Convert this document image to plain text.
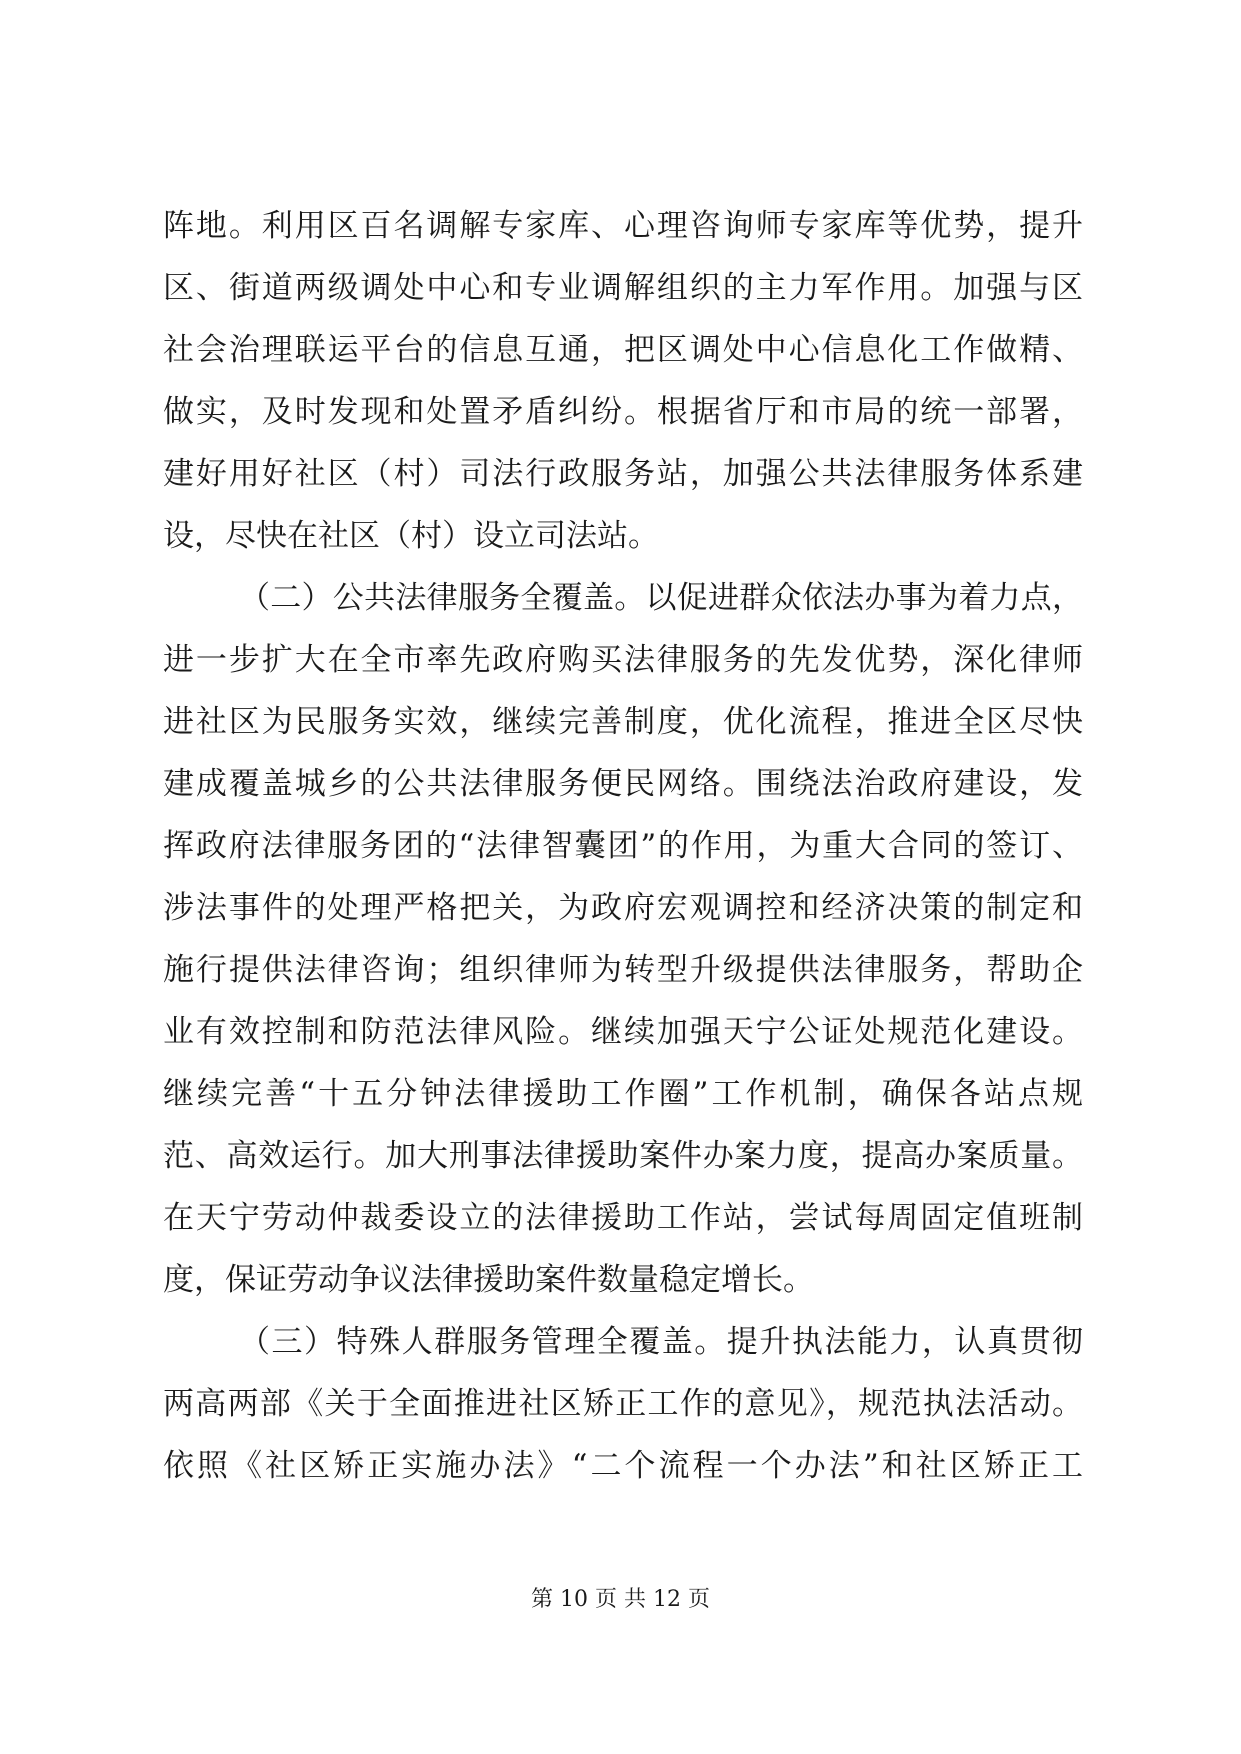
阵地。利用区百名调解专家库、心理咨询师专家库等优势，提升
区、街道两级调处中心和专业调解组织的主力军作用。加强与区
社会治理联运平台的信息互通，把区调处中心信息化工作做精、
做实，及时发现和处置矛盾纠纷。根据省厅和市局的统一部署，
建好用好社区（村）司法行政服务站，加强公共法律服务体系建
设，尽快在社区（村）设立司法站。
（二）公共法律服务全覆盖。以促进群众依法办事为着力点，
进一步扩大在全市率先政府购买法律服务的先发优势，深化律师
进社区为民服务实效，继续完善制度，优化流程，推进全区尽快
建成覆盖城乡的公共法律服务便民网络。围绕法治政府建设，发
挥政府法律服务团的“法律智囊团”的作用，为重大合同的签订、
涉法事件的处理严格把关，为政府宏观调控和经济决策的制定和
施行提供法律咨询；组织律师为转型升级提供法律服务，帮助企
业有效控制和防范法律风险。继续加强天宁公证处规范化建设。
继续完善“十五分钟法律援助工作圈”工作机制，确保各站点规
范、高效运行。加大刑事法律援助案件办案力度，提高办案质量。
在天宁劳动仲裁委设立的法律援助工作站，尝试每周固定值班制
度，保证劳动争议法律援助案件数量稳定增长。
（三）特殊人群服务管理全覆盖。提升执法能力，认真贯彻
两高两部《关于全面推进社区矫正工作的意见》，规范执法活动。
依照《社区矫正实施办法》“二个流程一个办法”和社区矫正工
第 10 页 共 12 页
